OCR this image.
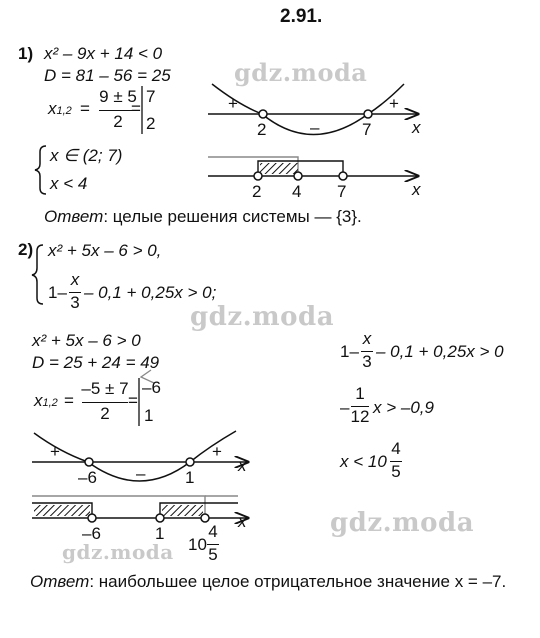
gdz.moda
gdz.moda
gdz.moda
gdz.moda
2.91.
1) x² – 9x + 14 < 0
D = 81 – 56 = 25
x1,2 =
9 ± 5
2
=
7
2
x ∈ (2; 7)
x < 4
+
–
+
2	7 x
2 4 7	x
Ответ: целые решения системы — {3}.
2) x² + 5x – 6 > 0,
1–
x
3
– 0,1 + 0,25x > 0;
x² + 5x – 6 > 0
D = 25 + 24 = 49
x1,2 =
–5 ± 7
2
=
–6
1
1–
x
3
– 0,1 + 0,25x > 0
–
1
12 x > –0,9
x < 10
4
5
+
–
+
–6	1
x
–6	1
10
4
5
x
Ответ: наибольшее целое отрицательное значение x = –7.
